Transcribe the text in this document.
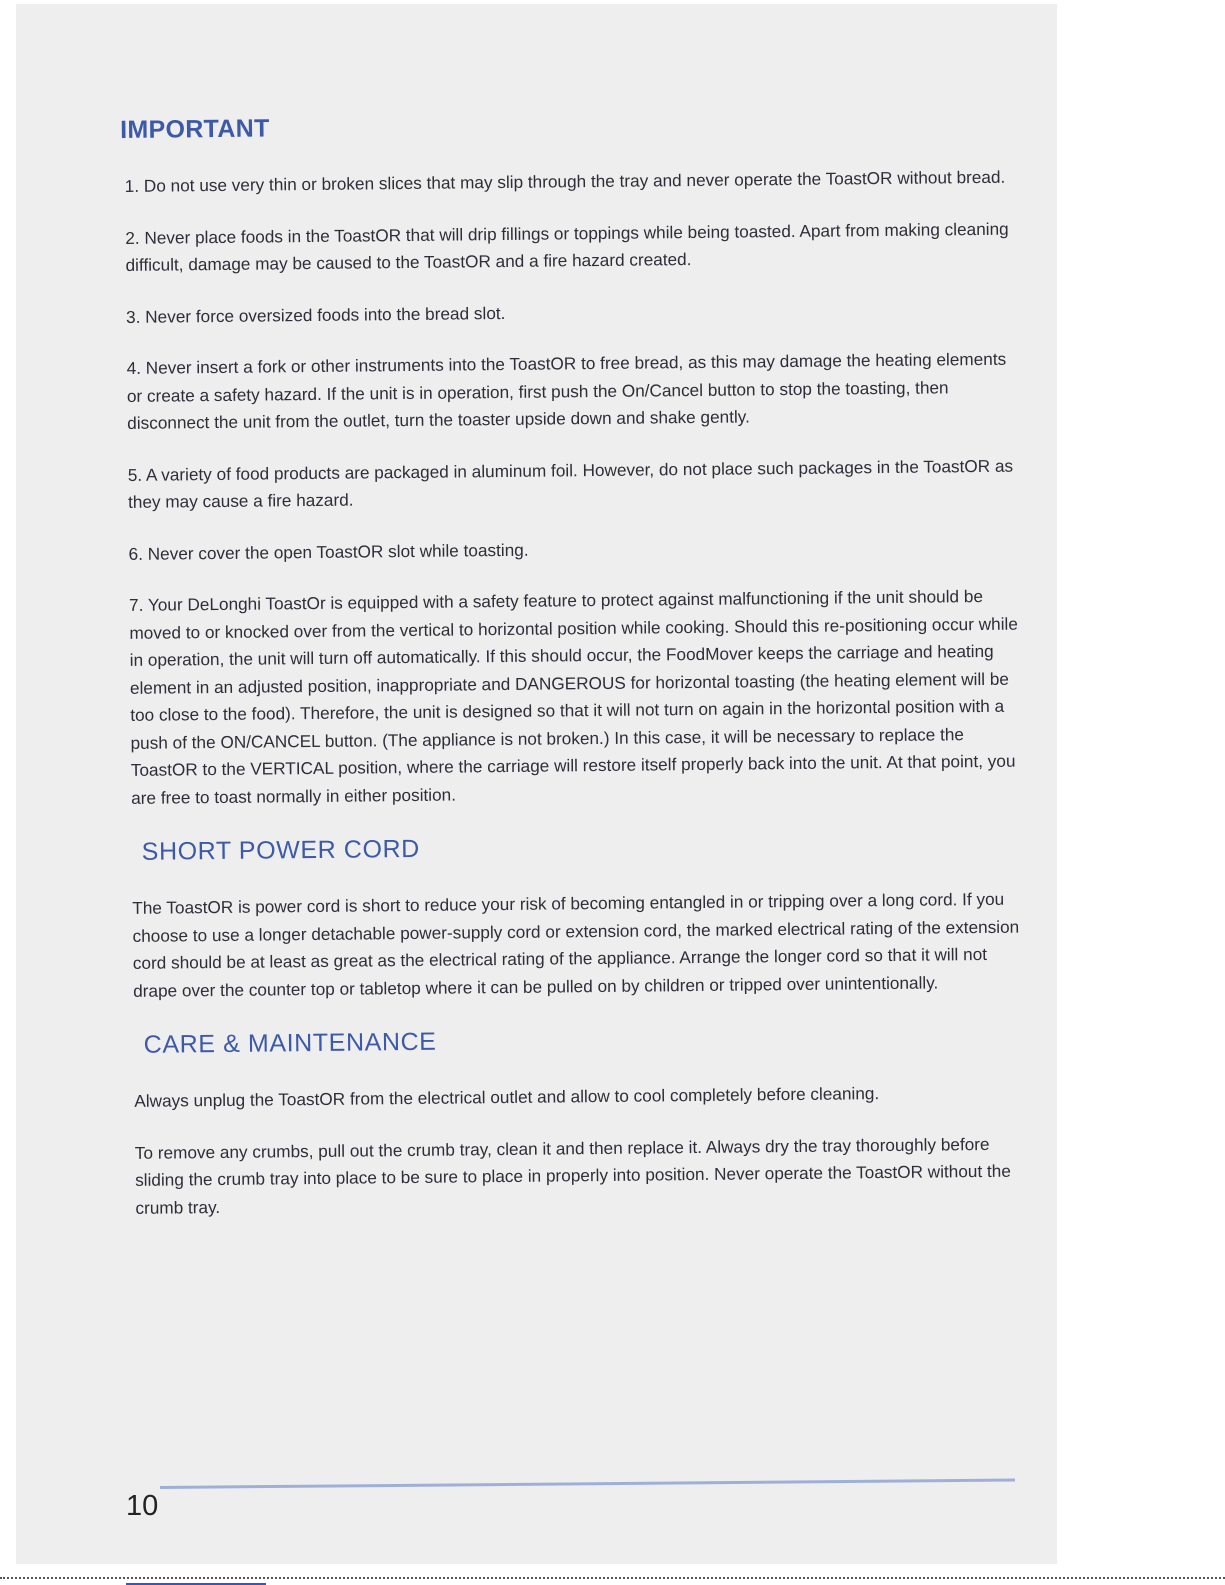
IMPORTANT

1. Do not use very thin or broken slices that may slip through the tray and never operate the ToastOR without bread.

2. Never place foods in the ToastOR that will drip fillings or toppings while being toasted. Apart from making cleaning difficult, damage may be caused to the ToastOR and a fire hazard created.

3. Never force oversized foods into the bread slot.

4. Never insert a fork or other instruments into the ToastOR to free bread, as this may damage the heating elements or create a safety hazard. If the unit is in operation, first push the On/Cancel button to stop the toasting, then disconnect the unit from the outlet, turn the toaster upside down and shake gently.

5. A variety of food products are packaged in aluminum foil. However, do not place such packages in the ToastOR as they may cause a fire hazard.

6. Never cover the open ToastOR slot while toasting.

7. Your DeLonghi ToastOr is equipped with a safety feature to protect against malfunctioning if the unit should be moved to or knocked over from the vertical to horizontal position while cooking. Should this re-positioning occur while in operation, the unit will turn off automatically. If this should occur, the FoodMover keeps the carriage and heating element in an adjusted position, inappropriate and DANGEROUS for horizontal toasting (the heating element will be too close to the food). Therefore, the unit is designed so that it will not turn on again in the horizontal position with a push of the ON/CANCEL button. (The appliance is not broken.) In this case, it will be necessary to replace the ToastOR to the VERTICAL position, where the carriage will restore itself properly back into the unit. At that point, you are free to toast normally in either position.

SHORT POWER CORD

The ToastOR is power cord is short to reduce your risk of becoming entangled in or tripping over a long cord. If you choose to use a longer detachable power-supply cord or extension cord, the marked electrical rating of the extension cord should be at least as great as the electrical rating of the appliance. Arrange the longer cord so that it will not drape over the counter top or tabletop where it can be pulled on by children or tripped over unintentionally.

CARE & MAINTENANCE

Always unplug the ToastOR from the electrical outlet and allow to cool completely before cleaning.

To remove any crumbs, pull out the crumb tray, clean it and then replace it. Always dry the tray thoroughly before sliding the crumb tray into place to be sure to place in properly into position. Never operate the ToastOR without the crumb tray.

10
